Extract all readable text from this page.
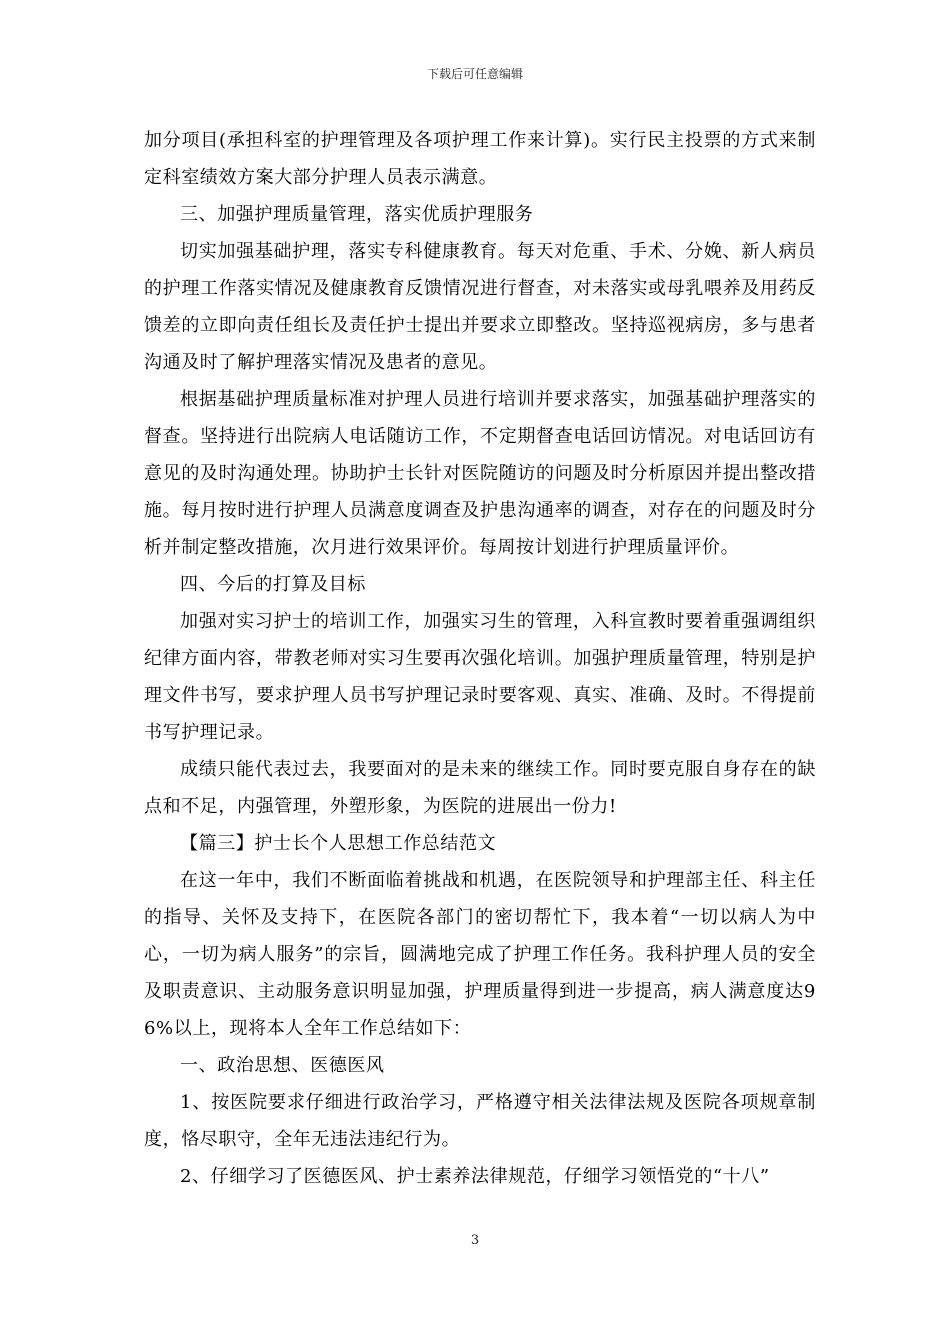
下载后可任意编辑

加分项目(承担科室的护理管理及各项护理工作来计算)。实行民主投票的方式来制定科室绩效方案大部分护理人员表示满意。

三、加强护理质量管理，落实优质护理服务

切实加强基础护理，落实专科健康教育。每天对危重、手术、分娩、新人病员的护理工作落实情况及健康教育反馈情况进行督查，对未落实或母乳喂养及用药反馈差的立即向责任组长及责任护士提出并要求立即整改。坚持巡视病房，多与患者沟通及时了解护理落实情况及患者的意见。

根据基础护理质量标准对护理人员进行培训并要求落实，加强基础护理落实的督查。坚持进行出院病人电话随访工作，不定期督查电话回访情况。对电话回访有意见的及时沟通处理。协助护士长针对医院随访的问题及时分析原因并提出整改措施。每月按时进行护理人员满意度调查及护患沟通率的调查，对存在的问题及时分析并制定整改措施，次月进行效果评价。每周按计划进行护理质量评价。

四、今后的打算及目标

加强对实习护士的培训工作，加强实习生的管理，入科宣教时要着重强调组织纪律方面内容，带教老师对实习生要再次强化培训。加强护理质量管理，特别是护理文件书写，要求护理人员书写护理记录时要客观、真实、准确、及时。不得提前书写护理记录。

成绩只能代表过去，我要面对的是未来的继续工作。同时要克服自身存在的缺点和不足，内强管理，外塑形象，为医院的进展出一份力!

【篇三】护士长个人思想工作总结范文

在这一年中，我们不断面临着挑战和机遇，在医院领导和护理部主任、科主任的指导、关怀及支持下，在医院各部门的密切帮忙下，我本着“一切以病人为中心，一切为病人服务”的宗旨，圆满地完成了护理工作任务。我科护理人员的安全及职责意识、主动服务意识明显加强，护理质量得到进一步提高，病人满意度达96%以上，现将本人全年工作总结如下：

一、政治思想、医德医风

1、按医院要求仔细进行政治学习，严格遵守相关法律法规及医院各项规章制度，恪尽职守，全年无违法违纪行为。

2、仔细学习了医德医风、护士素养法律规范，仔细学习领悟党的“十八”

3
